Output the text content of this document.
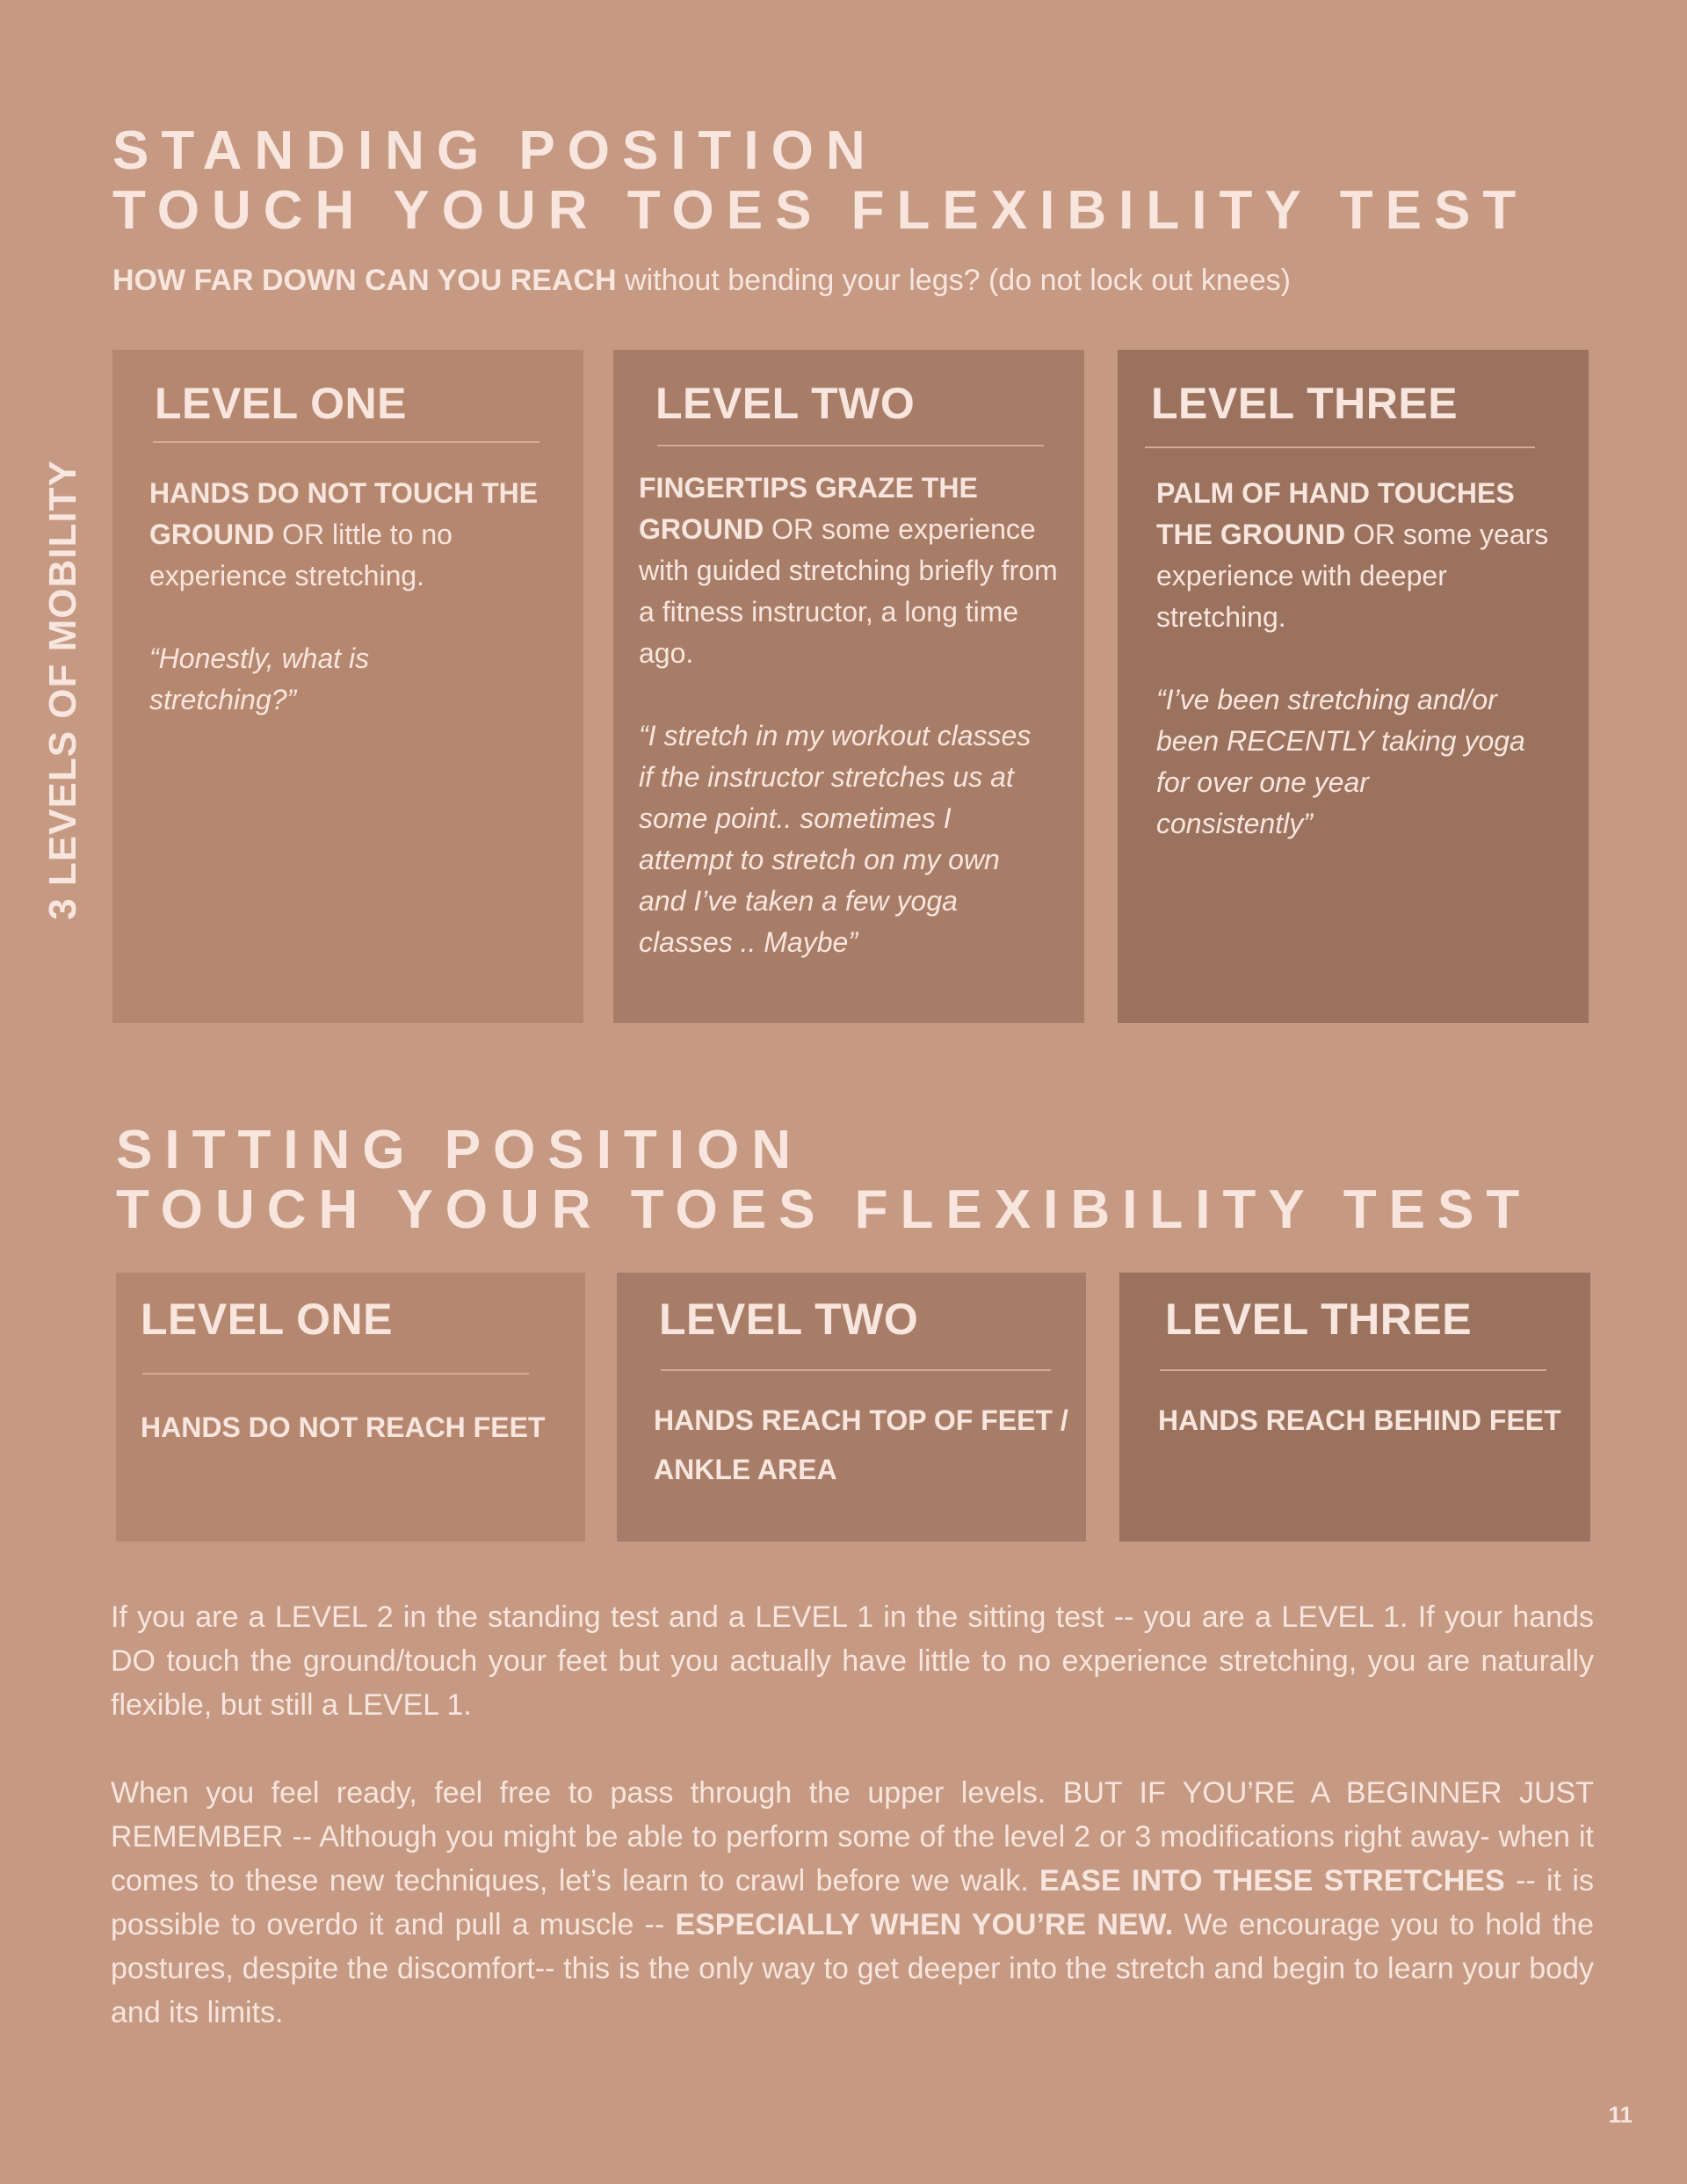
3 LEVELS OF MOBILITY
STANDING POSITION
TOUCH YOUR TOES FLEXIBILITY TEST

HOW FAR DOWN CAN YOU REACH without bending your legs? (do not lock out knees)

LEVEL ONE
HANDS DO NOT TOUCH THE GROUND OR little to no experience stretching.
“Honestly, what is stretching?”
LEVEL TWO
FINGERTIPS GRAZE THE GROUND OR some experience with guided stretching briefly from a fitness instructor, a long time ago.
“I stretch in my workout classes if the instructor stretches us at some point.. sometimes I attempt to stretch on my own and I’ve taken a few yoga classes .. Maybe”
LEVEL THREE
PALM OF HAND TOUCHES THE GROUND OR some years experience with deeper stretching.
“I’ve been stretching and/or been RECENTLY taking yoga for over one year consistently”
SITTING POSITION
TOUCH YOUR TOES FLEXIBILITY TEST
LEVEL ONE
HANDS DO NOT REACH FEET
LEVEL TWO
HANDS REACH TOP OF FEET / ANKLE AREA
LEVEL THREE
HANDS REACH BEHIND FEET

If you are a LEVEL 2 in the standing test and a LEVEL 1 in the sitting test -- you are a LEVEL 1. If your hands DO touch the ground/touch your feet but you actually have little to no experience stretching, you are naturally flexible, but still a LEVEL 1.

When you feel ready, feel free to pass through the upper levels. BUT IF YOU’RE A BEGINNER JUST REMEMBER -- Although you might be able to perform some of the level 2 or 3 modifications right away- when it comes to these new techniques, let’s learn to crawl before we walk. EASE INTO THESE STRETCHES -- it is possible to overdo it and pull a muscle -- ESPECIALLY WHEN YOU’RE NEW. We encourage you to hold the postures, despite the discomfort-- this is the only way to get deeper into the stretch and begin to learn your body and its limits.

11
